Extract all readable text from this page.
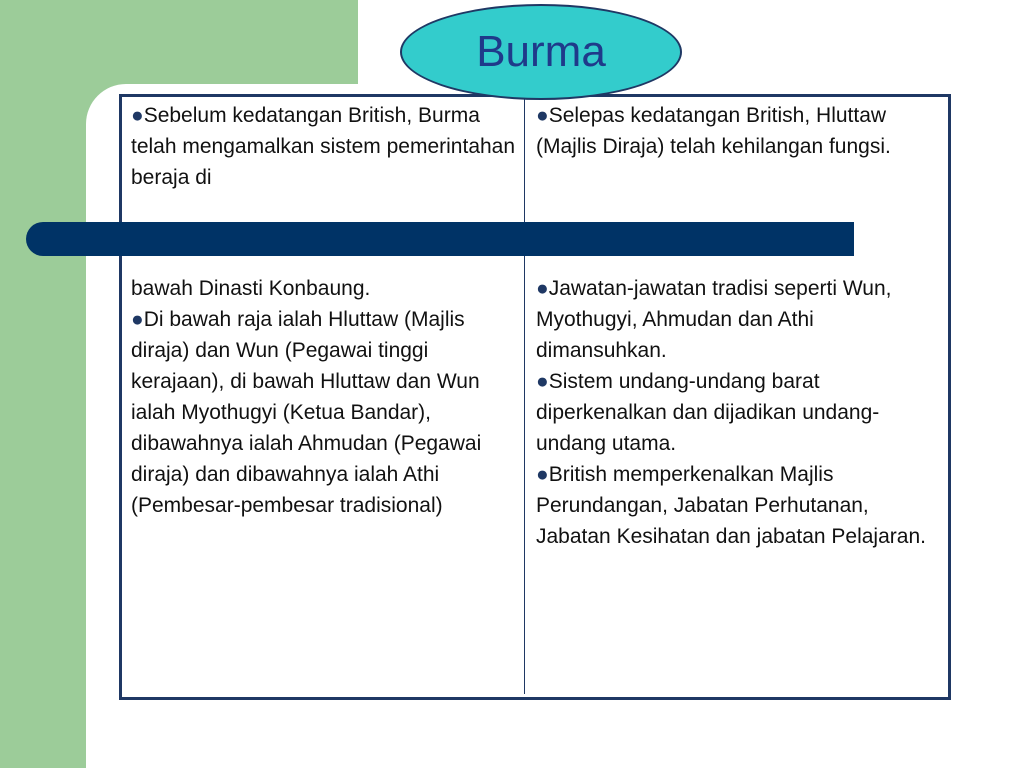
●Sebelum kedatangan British, Burma telah mengamalkan sistem pemerintahan beraja di

●Selepas kedatangan British, Hluttaw (Majlis Diraja) telah kehilangan fungsi.

bawah Dinasti Konbaung.

●Di bawah raja ialah Hluttaw (Majlis diraja) dan Wun (Pegawai tinggi kerajaan), di bawah Hluttaw dan Wun ialah Myothugyi (Ketua Bandar), dibawahnya ialah Ahmudan (Pegawai diraja) dan dibawahnya ialah Athi (Pembesar-pembesar tradisional)

●Jawatan-jawatan tradisi seperti Wun, Myothugyi, Ahmudan dan Athi dimansuhkan.

●Sistem undang-undang barat diperkenalkan dan dijadikan undang-undang utama.

●British memperkenalkan Majlis Perundangan, Jabatan Perhutanan, Jabatan Kesihatan dan jabatan Pelajaran.

Burma
